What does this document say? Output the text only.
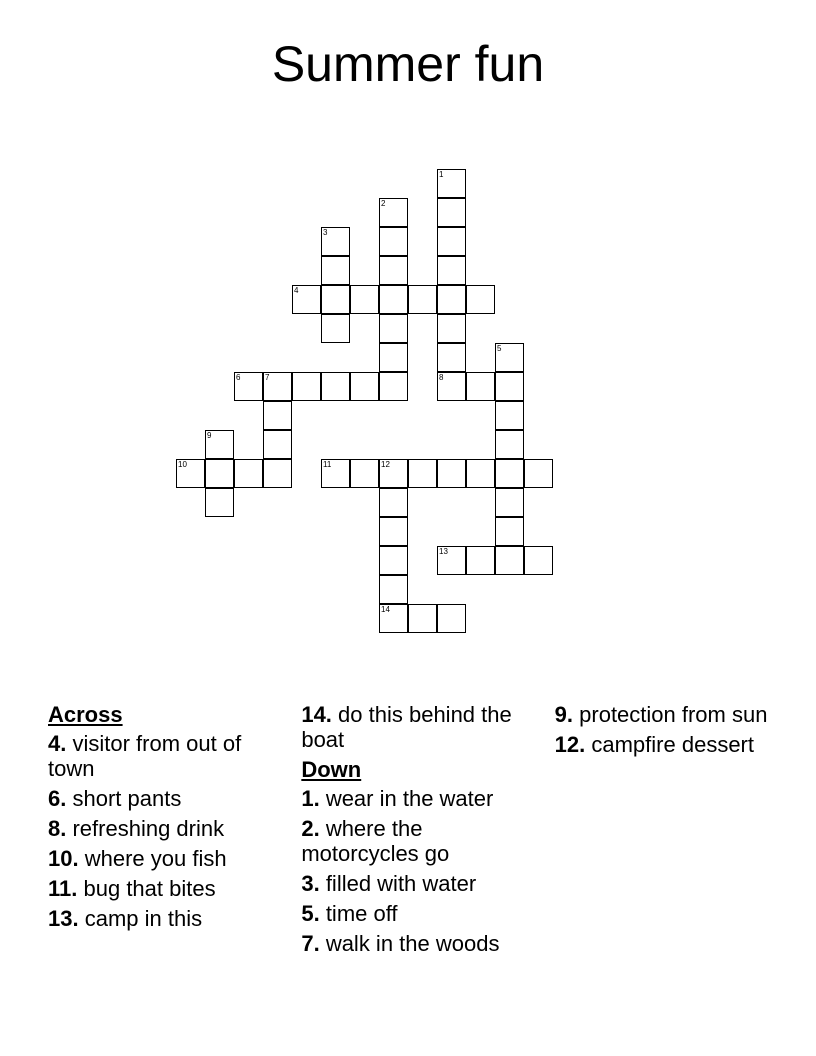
Summer fun
1
8
2
3
4
5
6	7
9
10	11	12
14
13
Across
4. visitor from out of town
6. short pants
8. refreshing drink
10. where you fish
11. bug that bites
13. camp in this
14. do this behind the boat
Down
1. wear in the water
2. where the motorcycles go
3. filled with water
5. time off
7. walk in the woods
9. protection from sun
12. campfire dessert
